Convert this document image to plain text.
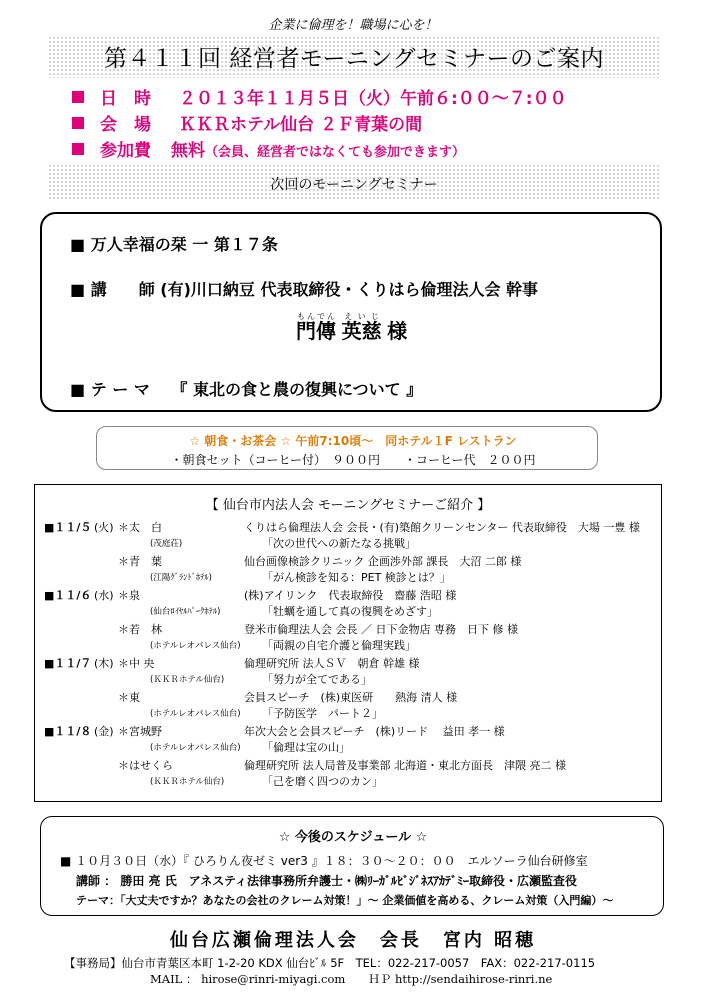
企業に倫理を！職場に心を！
第４１１回 経営者モーニングセミナーのご案内
日　時 ２０１３年１１月５日（火）午前６:００～７:００
会　場 ＫＫＲホテル仙台 ２Ｆ青葉の間
参加費 無料（会員、経営者ではなくても参加できます）
次回のモーニングセミナー
■ 万人幸福の栞 一 第１７条
■ 講　　師 (有)川口納豆 代表取締役・くりはら倫理法人会 幹事
門傳もんでん 英慈えいじ 様
■ テ ー マ　 『 東北の食と農の復興について 』
☆ 朝食・お茶会 ☆ 午前7:10頃～　同ホテル１F レストラン
・朝食セット（コーヒー付）　９００円　　・コーヒー代　２００円
【 仙台市内法人会 モーニングセミナーご紹介 】
■１１/５ (火) ＊太　白	くりはら倫理法人会 会長・(有)築館クリーンセンター 代表取締役　大場 一豊 様
(茂庭荘)	「次の世代への新たなる挑戦」
＊青　葉	仙台画像検診クリニック 企画渉外部 課長　大沼 二郎 様
(江陽ｸﾞﾗﾝﾄﾞﾎﾃﾙ)	「がん検診を知る：PET 検診とは？」
■１１/６ (水) ＊泉	(株)アイリンク　代表取締役　齋藤 浩昭 様
(仙台ﾛｲﾔﾙﾊﾟｰｸﾎﾃﾙ)	「牡蠣を通して真の復興をめざす」
＊若　林	登米市倫理法人会 会長 ／ 日下金物店 専務　日下 修 様
(ホテルレオパレス仙台) 「両親の自宅介護と倫理実践」
■１１/７ (木) ＊中 央	倫理研究所 法人ＳＶ　朝倉 幹雄 様
(ＫＫＲホテル仙台)	「努力が全てである」
＊東	会員スピーチ　(株)東医研　　熱海 清人 様
(ホテルレオパレス仙台) 「予防医学　パート２」
■１１/８ (金) ＊宮城野	年次大会と会員スピーチ　(株)リード　 益田 孝一 様
(ホテルレオパレス仙台) 「倫理は宝の山」
＊はせくら	倫理研究所 法人局普及事業部 北海道・東北方面長　津隈 亮二 様
(ＫＫＲホテル仙台)	「己を磨く四つのカン」
☆ 今後のスケジュール ☆
■ １０月３０日（水）『 ひろりん夜ゼミ ver3 』１８：３０～２０：００　エルソーラ仙台研修室
講師 ： 勝田 亮 氏　アネスティ法律事務所弁護士・㈱ﾘｰｶﾞﾙﾋﾞｼﾞﾈｽｱｶﾃﾞﾐｰ取締役・広瀬監査役
テーマ：「大丈夫ですか？あなたの会社のクレーム対策！」～ 企業価値を高める、クレーム対策（入門編）～
仙台広瀬倫理法人会　会長　宮内 昭穂
【事務局】仙台市青葉区本町 1-2-20 KDX 仙台ﾋﾞﾙ 5F　TEL：022-217-0057　FAX：022-217-0115
MAIL ： hirose@rinri-miyagi.com　　ＨＰ http://sendaihirose-rinri.ne
